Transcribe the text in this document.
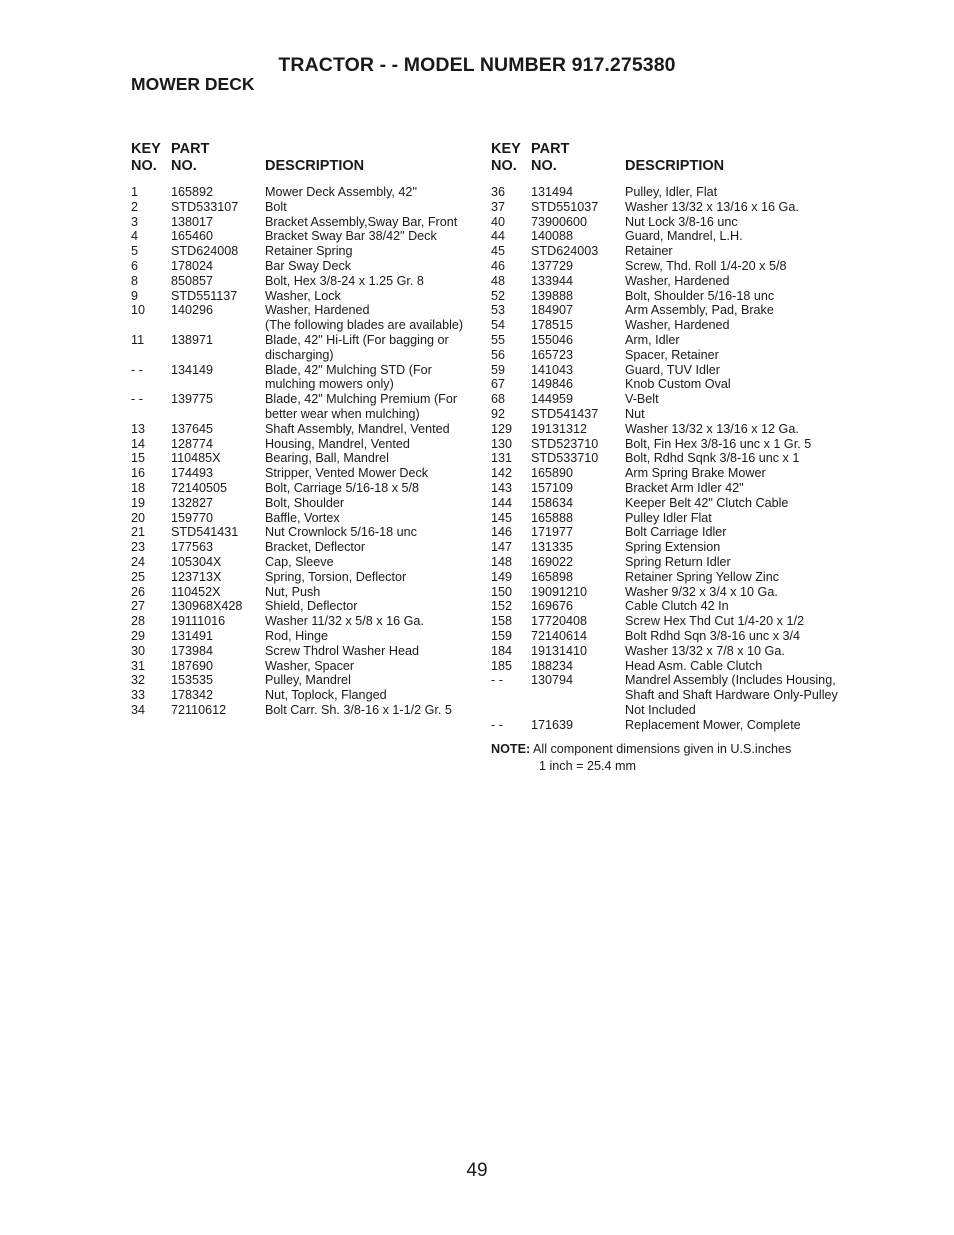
TRACTOR - - MODEL NUMBER 917.275380
MOWER DECK
KEY
NO.
PART
NO.	DESCRIPTION
1	165892	Mower Deck Assembly, 42"
2	STD533107	Bolt
3	138017	Bracket Assembly,Sway Bar, Front
4	165460	Bracket Sway Bar 38/42" Deck
5	STD624008	Retainer Spring
6	178024	Bar Sway Deck
8	850857	Bolt, Hex 3/8-24 x 1.25 Gr. 8
9	STD551137	Washer, Lock
10	140296	Washer, Hardened
(The following blades are available)
11	138971	Blade, 42" Hi-Lift (For bagging or discharging)
- -	134149	Blade, 42" Mulching STD (For mulching mowers only)
- -	139775	Blade, 42" Mulching Premium (For better wear when mulching)
13	137645	Shaft Assembly, Mandrel, Vented
14	128774	Housing, Mandrel, Vented
15	110485X	Bearing, Ball, Mandrel
16	174493	Stripper, Vented Mower Deck
18	72140505	Bolt, Carriage 5/16-18 x 5/8
19	132827	Bolt, Shoulder
20	159770	Baffle, Vortex
21	STD541431	Nut Crownlock 5/16-18 unc
23	177563	Bracket, Deflector
24	105304X	Cap, Sleeve
25	123713X	Spring, Torsion, Deflector
26	110452X	Nut, Push
27	130968X428	Shield, Deflector
28	19111016	Washer 11/32 x 5/8 x 16 Ga.
29	131491	Rod, Hinge
30	173984	Screw Thdrol Washer Head
31	187690	Washer, Spacer
32	153535	Pulley, Mandrel
33	178342	Nut, Toplock, Flanged
34	72110612	Bolt Carr. Sh. 3/8-16 x 1-1/2 Gr. 5
KEY
NO.
PART
NO.	DESCRIPTION
36	131494	Pulley, Idler, Flat
37	STD551037	Washer 13/32 x 13/16 x 16 Ga.
40	73900600	Nut Lock 3/8-16 unc
44	140088	Guard, Mandrel, L.H.
45	STD624003	Retainer
46	137729	Screw, Thd. Roll 1/4-20 x 5/8
48	133944	Washer, Hardened
52	139888	Bolt, Shoulder 5/16-18 unc
53	184907	Arm Assembly, Pad, Brake
54	178515	Washer, Hardened
55	155046	Arm, Idler
56	165723	Spacer, Retainer
59	141043	Guard, TUV Idler
67	149846	Knob Custom Oval
68	144959	V-Belt
92	STD541437	Nut
129	19131312	Washer 13/32 x 13/16 x 12 Ga.
130	STD523710	Bolt, Fin Hex 3/8-16 unc x 1 Gr. 5
131	STD533710	Bolt, Rdhd Sqnk 3/8-16 unc x 1
142	165890	Arm Spring Brake Mower
143	157109	Bracket Arm Idler 42"
144	158634	Keeper Belt 42" Clutch Cable
145	165888	Pulley Idler Flat
146	171977	Bolt Carriage Idler
147	131335	Spring Extension
148	169022	Spring Return Idler
149	165898	Retainer Spring Yellow Zinc
150	19091210	Washer 9/32 x 3/4 x 10 Ga.
152	169676	Cable Clutch 42 In
158	17720408	Screw Hex Thd Cut 1/4-20 x 1/2
159	72140614	Bolt Rdhd Sqn 3/8-16 unc x 3/4
184	19131410	Washer 13/32 x 7/8 x 10 Ga.
185	188234	Head Asm. Cable Clutch
- -	130794	Mandrel Assembly (Includes Housing, Shaft and Shaft Hardware Only-Pulley Not Included
- -	171639	Replacement Mower, Complete
NOTE: All component dimensions given in U.S.inches
1 inch = 25.4 mm
49
